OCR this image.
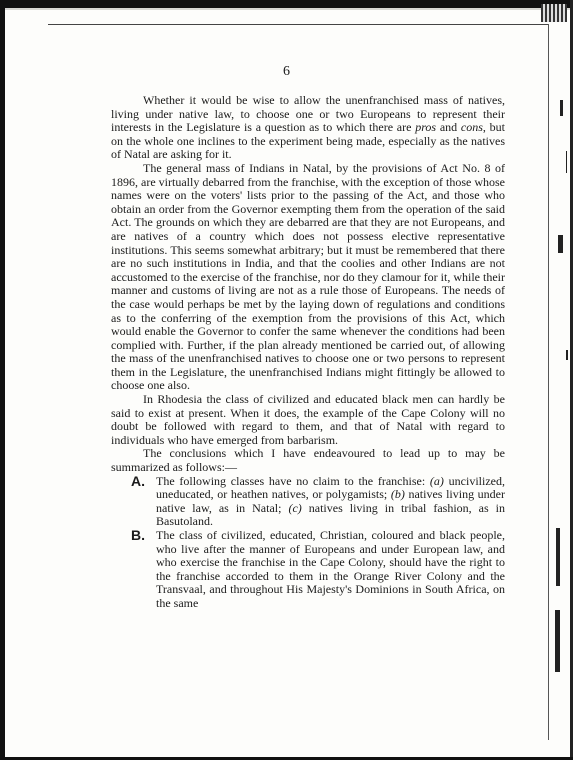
6

Whether it would be wise to allow the unenfranchised mass of natives, living under native law, to choose one or two Europeans to represent their interests in the Legislature is a question as to which there are pros and cons, but on the whole one inclines to the experiment being made, especially as the natives of Natal are asking for it.

The general mass of Indians in Natal, by the provisions of Act No. 8 of 1896, are virtually debarred from the franchise, with the exception of those whose names were on the voters' lists prior to the passing of the Act, and those who obtain an order from the Governor exempting them from the operation of the said Act. The grounds on which they are debarred are that they are not Europeans, and are natives of a country which does not possess elective representative institutions. This seems somewhat arbitrary; but it must be remembered that there are no such institutions in India, and that the coolies and other Indians are not accustomed to the exercise of the franchise, nor do they clamour for it, while their manner and customs of living are not as a rule those of Europeans. The needs of the case would perhaps be met by the laying down of regulations and conditions as to the conferring of the exemption from the provisions of this Act, which would enable the Governor to confer the same whenever the conditions had been complied with. Further, if the plan already mentioned be carried out, of allowing the mass of the unenfranchised natives to choose one or two persons to represent them in the Legislature, the unenfranchised Indians might fittingly be allowed to choose one also.

In Rhodesia the class of civilized and educated black men can hardly be said to exist at present. When it does, the example of the Cape Colony will no doubt be followed with regard to them, and that of Natal with regard to individuals who have emerged from barbarism.

The conclusions which I have endeavoured to lead up to may be summarized as follows:—

A. The following classes have no claim to the franchise: (a) uncivilized, uneducated, or heathen natives, or polygamists; (b) natives living under native law, as in Natal; (c) natives living in tribal fashion, as in Basutoland.

B. The class of civilized, educated, Christian, coloured and black people, who live after the manner of Europeans and under European law, and who exercise the franchise in the Cape Colony, should have the right to the franchise accorded to them in the Orange River Colony and the Transvaal, and throughout His Majesty's Dominions in South Africa, on the same
